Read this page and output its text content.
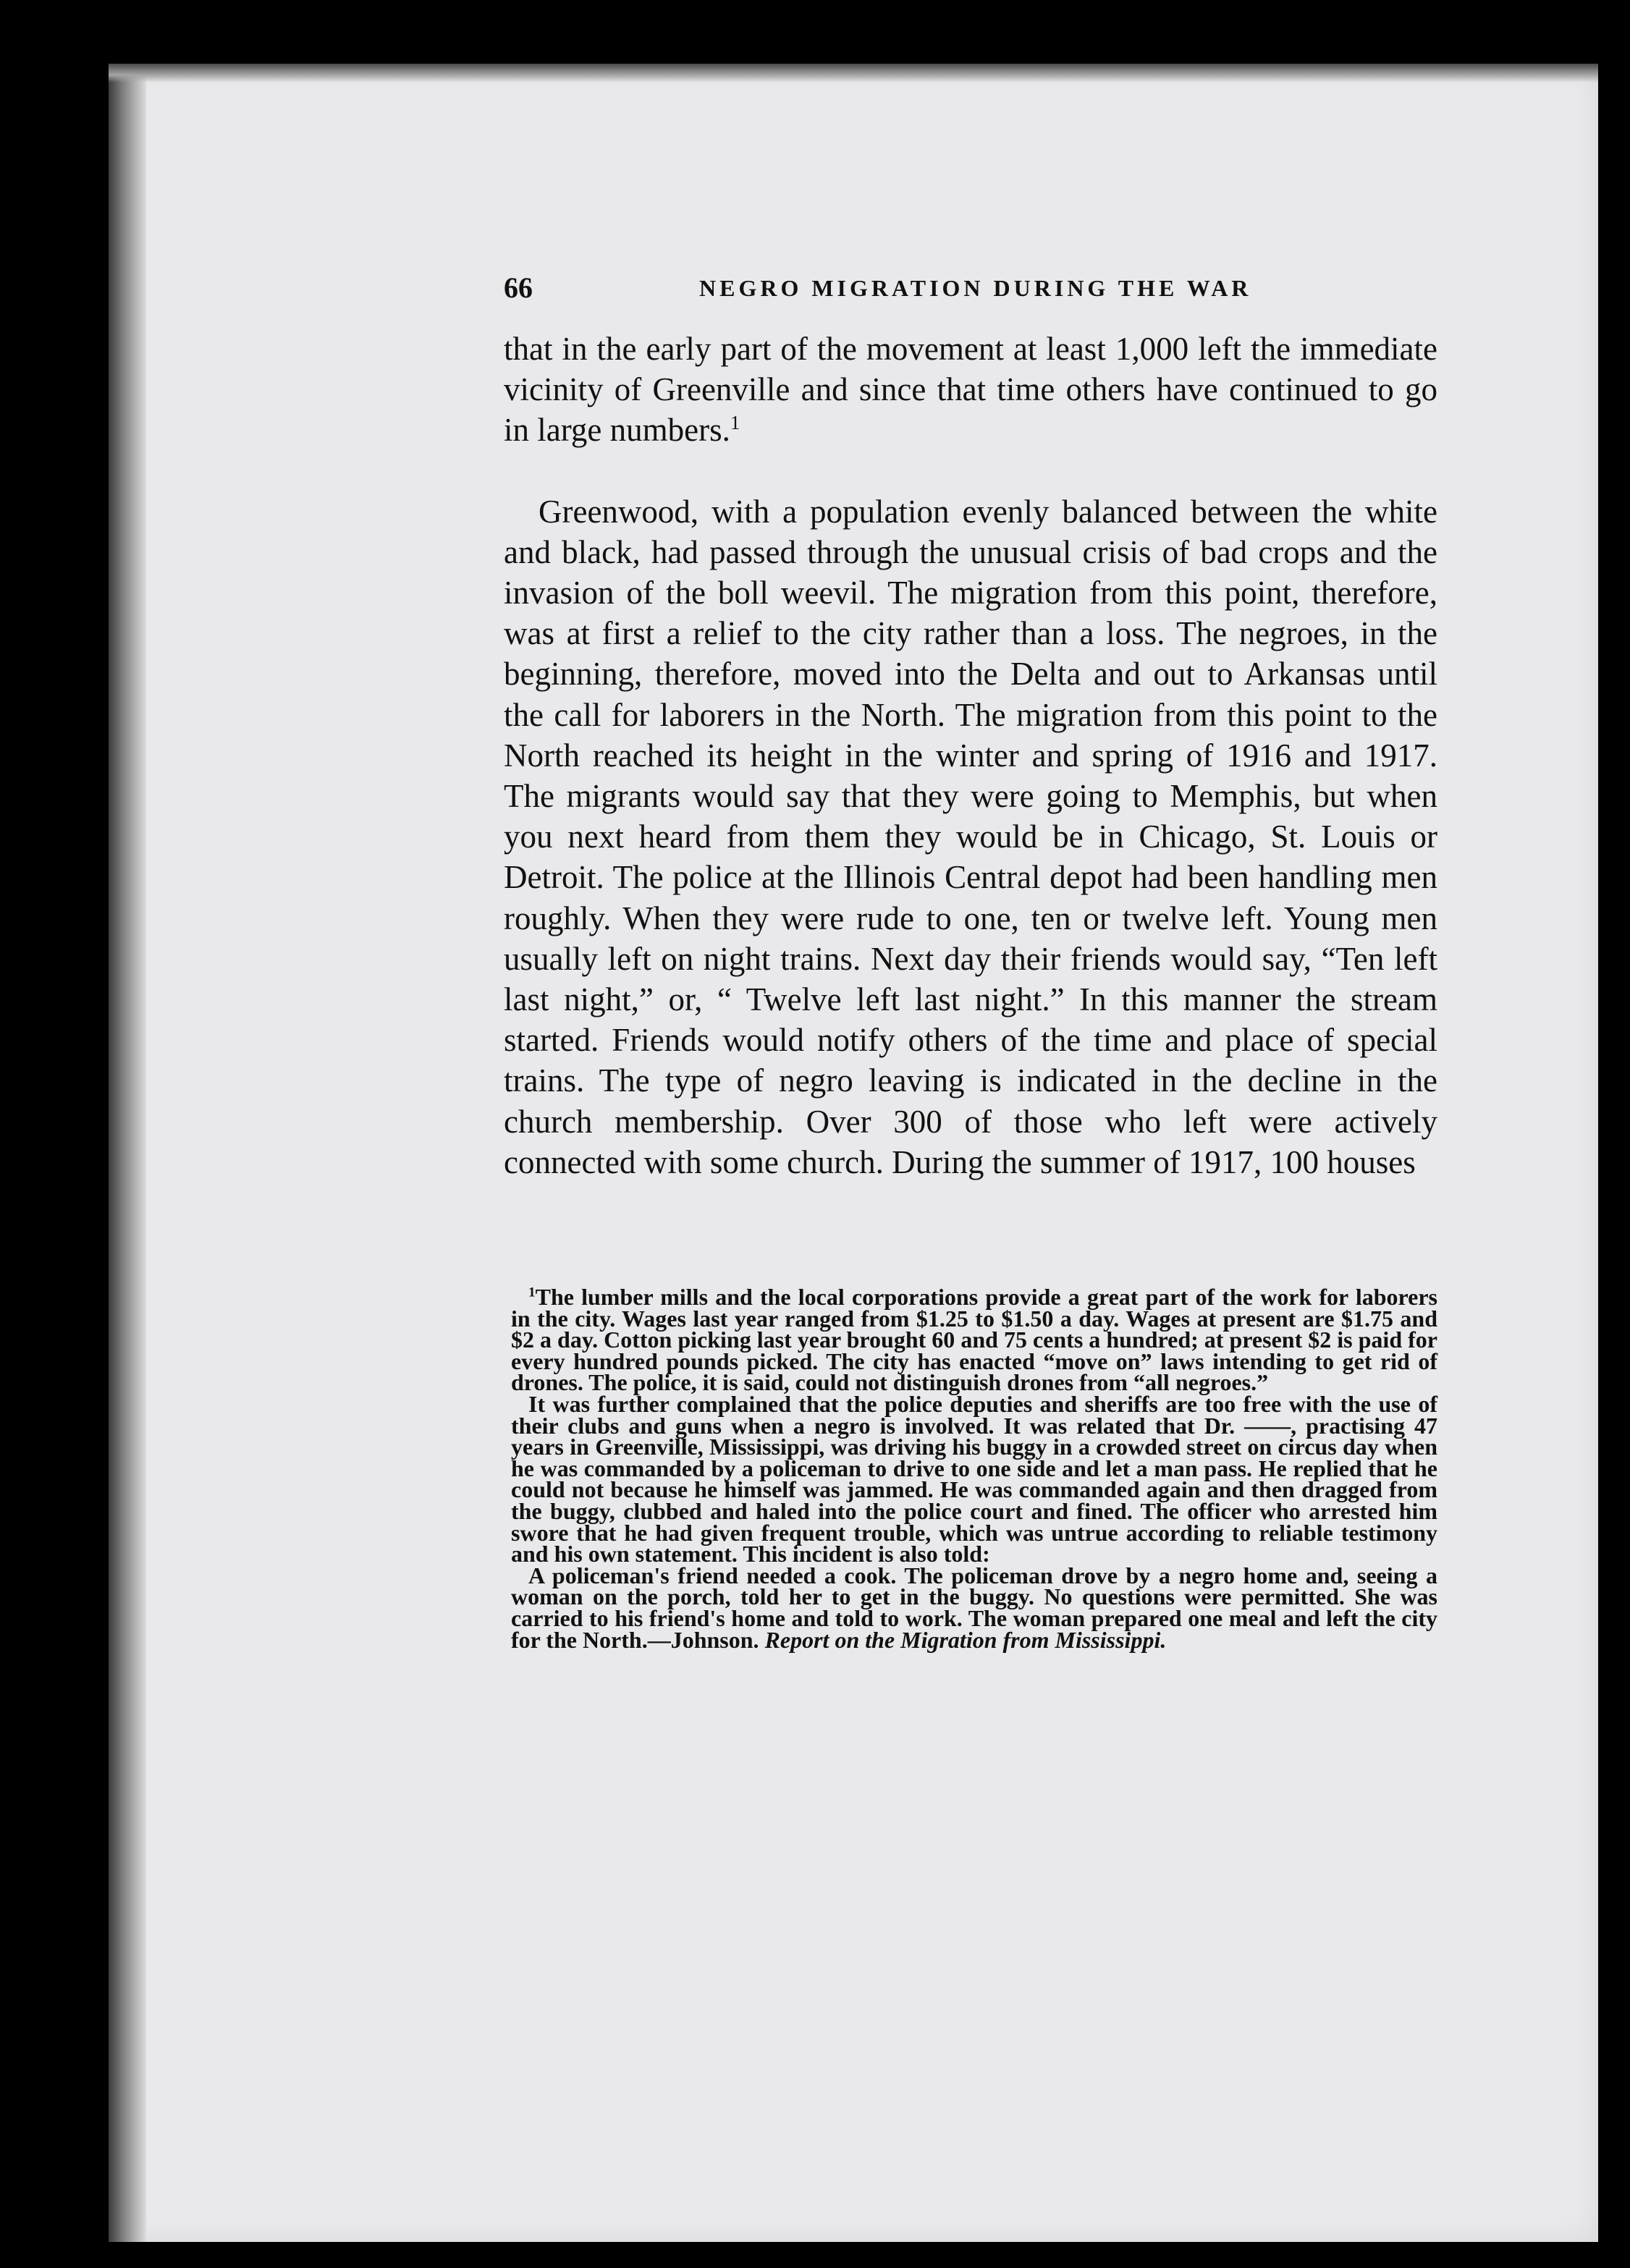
66	NEGRO MIGRATION DURING THE WAR

that in the early part of the movement at least 1,000 left the immediate vicinity of Greenville and since that time others have continued to go in large numbers.$^1$

Greenwood, with a population evenly balanced between the white and black, had passed through the unusual crisis of bad crops and the invasion of the boll weevil. The migration from this point, therefore, was at first a relief to the city rather than a loss. The negroes, in the beginning, therefore, moved into the Delta and out to Arkansas until the call for laborers in the North. The migration from this point to the North reached its height in the winter and spring of 1916 and 1917. The migrants would say that they were going to Memphis, but when you next heard from them they would be in Chicago, St. Louis or Detroit. The police at the Illinois Central depot had been handling men roughly. When they were rude to one, ten or twelve left. Young men usually left on night trains. Next day their friends would say, “Ten left last night,” or, “ Twelve left last night.” In this manner the stream started. Friends would notify others of the time and place of special trains. The type of negro leaving is indicated in the decline in the church membership. Over 300 of those who left were actively connected with some church. During the summer of 1917, 100 houses

$^1$The lumber mills and the local corporations provide a great part of the work for laborers in the city. Wages last year ranged from $1.25 to $1.50 a day. Wages at present are $1.75 and $2 a day. Cotton picking last year brought 60 and 75 cents a hundred; at present $2 is paid for every hundred pounds picked. The city has enacted “move on” laws intending to get rid of drones. The police, it is said, could not distinguish drones from “all negroes.”

It was further complained that the police deputies and sheriffs are too free with the use of their clubs and guns when a negro is involved. It was related that Dr. ——, practising 47 years in Greenville, Mississippi, was driving his buggy in a crowded street on circus day when he was commanded by a policeman to drive to one side and let a man pass. He replied that he could not because he himself was jammed. He was commanded again and then dragged from the buggy, clubbed and haled into the police court and fined. The officer who arrested him swore that he had given frequent trouble, which was untrue according to reliable testimony and his own statement. This incident is also told:

A policeman's friend needed a cook. The policeman drove by a negro home and, seeing a woman on the porch, told her to get in the buggy. No questions were permitted. She was carried to his friend's home and told to work. The woman prepared one meal and left the city for the North.—Johnson. Report on the Migration from Mississippi.
